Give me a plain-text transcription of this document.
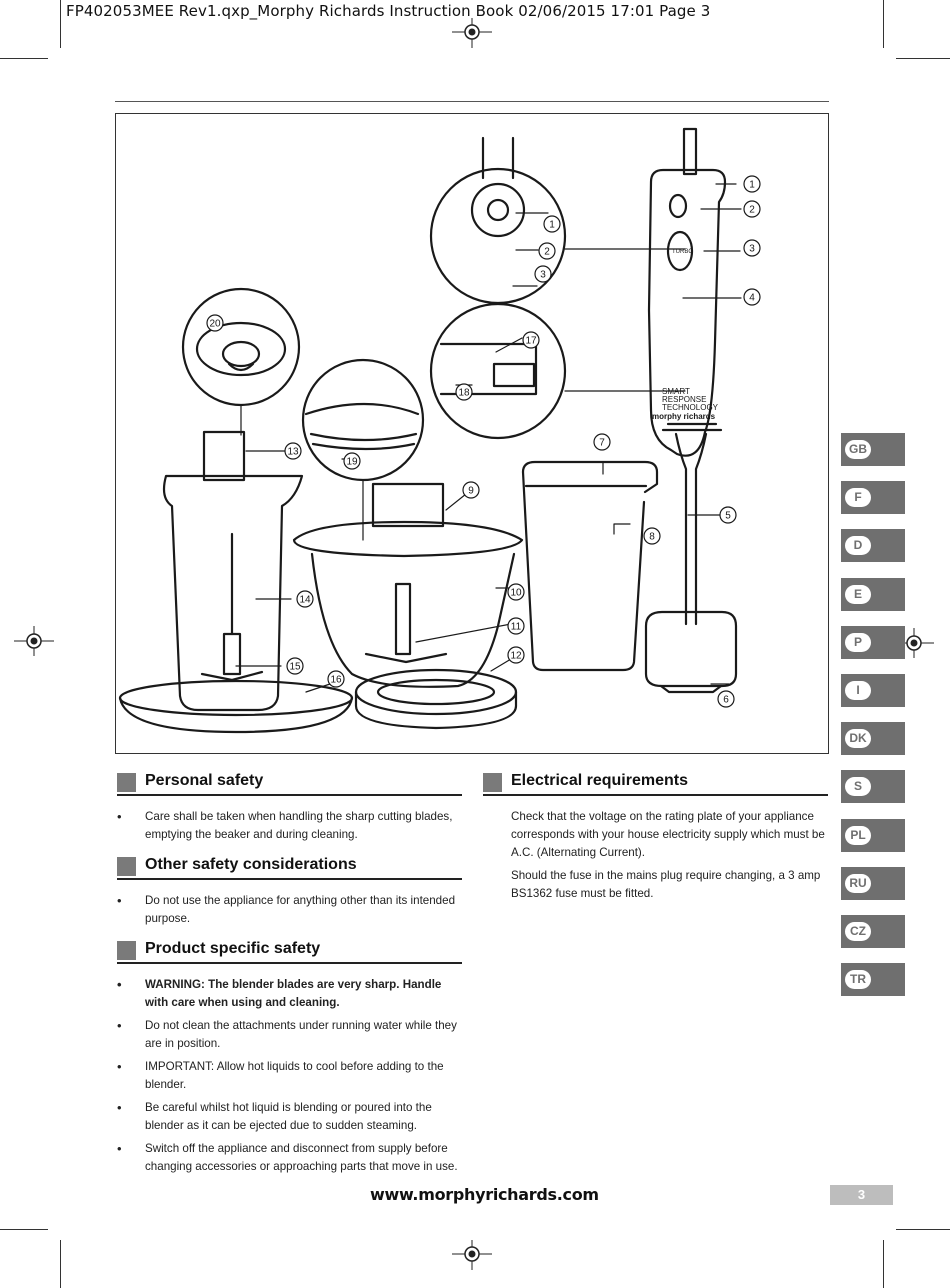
FP402053MEE Rev1.qxp_Morphy Richards Instruction Book 02/06/2015 17:01 Page 3
SMART
RESPONSE
TECHNOLOGY
morphy richards
TURBO
1
2
3
4
5
6
7
8
9
10
11
12
13
14
15
16
17
18
19
20
1
2
3
Personal safety
• Care shall be taken when handling the sharp cutting blades, emptying the beaker and during cleaning.
Other safety considerations
• Do not use the appliance for anything other than its intended purpose.
Product specific safety
• WARNING: The blender blades are very sharp. Handle with care when using and cleaning.
• Do not clean the attachments under running water while they are in position.
• IMPORTANT: Allow hot liquids to cool before adding to the blender.
• Be careful whilst hot liquid is blending or poured into the blender as it can be ejected due to sudden steaming.
• Switch off the appliance and disconnect from supply before changing accessories or approaching parts that move in use.
Electrical requirements

Check that the voltage on the rating plate of your appliance corresponds with your house electricity supply which must be A.C. (Alternating Current).

Should the fuse in the mains plug require changing, a 3 amp BS1362 fuse must be fitted.

GB
F
D
E
P
I
DK
S
PL
RU
CZ
TR
www.morphyrichards.com	3
